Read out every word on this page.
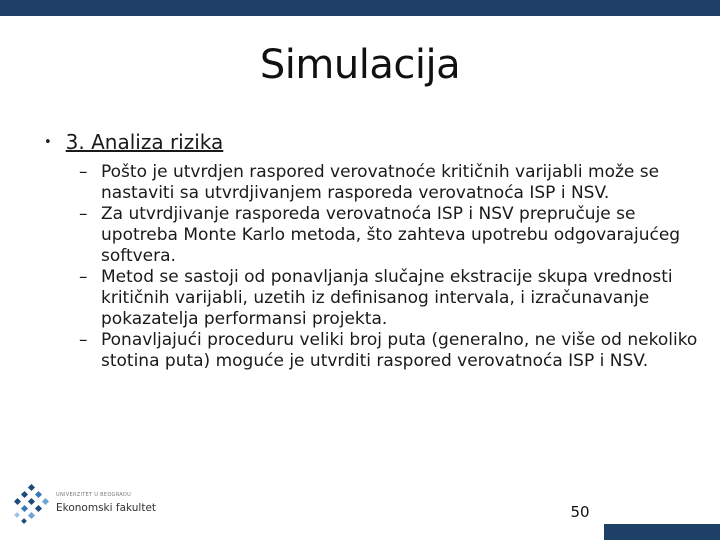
Simulacija
• 3. Analiza rizika
– Pošto je utvrdjen raspored verovatnoće kritičnih varijabli može se nastaviti sa utvrdjivanjem rasporeda verovatnoća ISP i NSV.
– Za utvrdjivanje rasporeda verovatnoća ISP i NSV prepručuje se upotreba Monte Karlo metoda, što zahteva upotrebu odgovarajućeg softvera.
– Metod se sastoji od ponavljanja slučajne ekstracije skupa vrednosti kritičnih varijabli, uzetih iz definisanog intervala, i izračunavanje pokazatelja performansi projekta.
– Ponavljajući proceduru veliki broj puta (generalno, ne više od nekoliko stotina puta) moguće je utvrditi raspored verovatnoća ISP i NSV.
UNIVERZITET U BEOGRADU
Ekonomski fakultet	50
